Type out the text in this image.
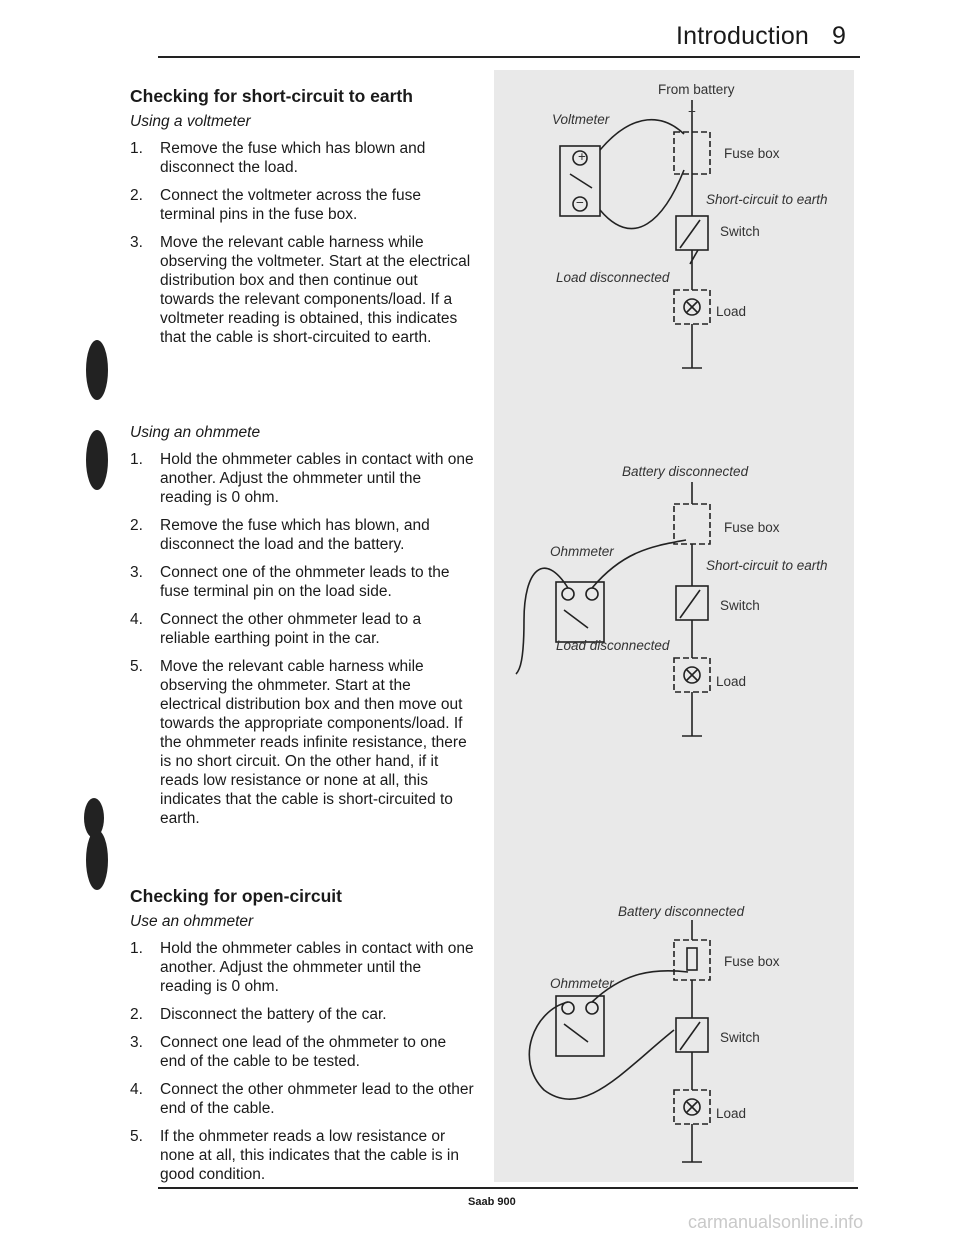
Introduction 9

Checking for short-circuit to earth

Using a voltmeter

1. Remove the fuse which has blown and disconnect the load.
2. Connect the voltmeter across the fuse terminal pins in the fuse box.
3. Move the relevant cable harness while observing the voltmeter. Start at the electrical distribution box and then continue out towards the relevant components/load. If a voltmeter reading is obtained, this indicates that the cable is short-circuited to earth.

Using an ohmmete

1. Hold the ohmmeter cables in contact with one another. Adjust the ohmmeter until the reading is 0 ohm.
2. Remove the fuse which has blown, and disconnect the load and the battery.
3. Connect one of the ohmmeter leads to the fuse terminal pin on the load side.
4. Connect the other ohmmeter lead to a reliable earthing point in the car.
5. Move the relevant cable harness while observing the ohmmeter. Start at the electrical distribution box and then move out towards the appropriate components/load. If the ohmmeter reads infinite resistance, there is no short circuit. On the other hand, if it reads low resistance or none at all, this indicates that the cable is short-circuited to earth.

Checking for open-circuit

Use an ohmmeter

1. Hold the ohmmeter cables in contact with one another. Adjust the ohmmeter until the reading is 0 ohm.
2. Disconnect the battery of the car.
3. Connect one lead of the ohmmeter to one end of the cable to be tested.
4. Connect the other ohmmeter lead to the other end of the cable.
5. If the ohmmeter reads a low resistance or none at all, this indicates that the cable is in good condition.
+
−
From battery
+
Voltmeter
Fuse box
Short-circuit to earth
Switch
Load disconnected
Load
Battery disconnected
Fuse box
Ohmmeter
Short-circuit to earth
Switch
Load disconnected
Load
Battery disconnected
Fuse box
Ohmmeter
Switch
Load
Saab 900
carmanualsonline.info
